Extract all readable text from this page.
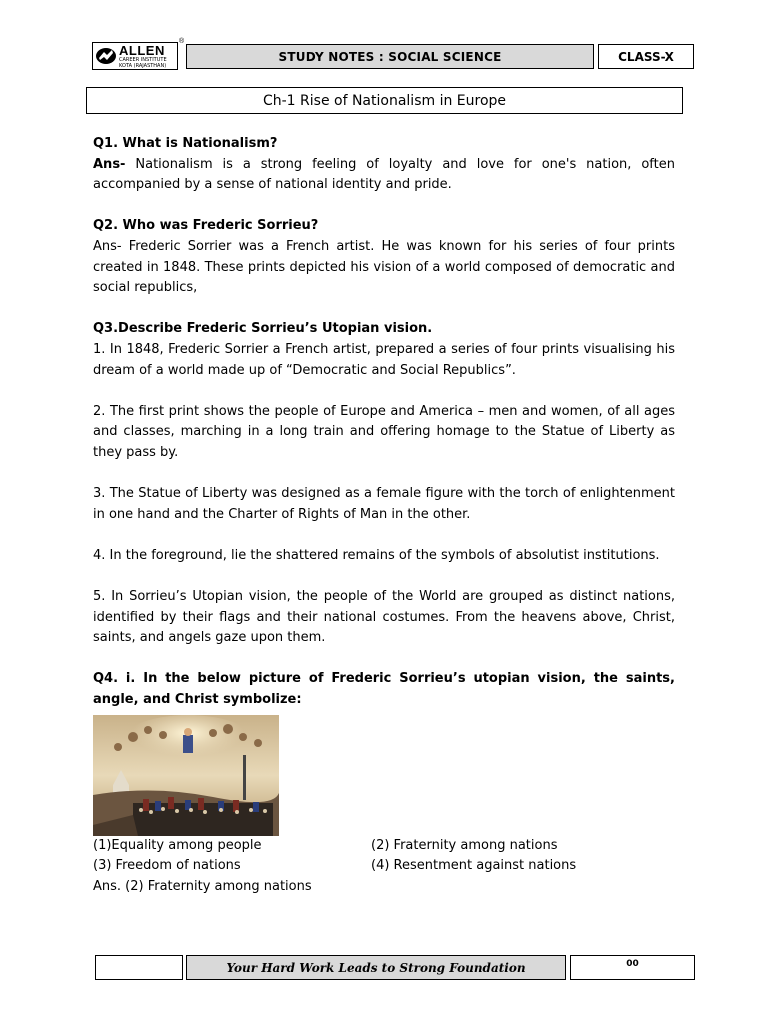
ALLEN
CAREER INSTITUTE KOTA (RAJASTHAN)
®
STUDY NOTES : SOCIAL SCIENCE	CLASS-X
Ch-1 Rise of Nationalism in Europe

Q1. What is Nationalism?

Ans- Nationalism is a strong feeling of loyalty and love for one's nation, often accompanied by a sense of national identity and pride.

Q2. Who was Frederic Sorrieu?

Ans- Frederic Sorrier was a French artist. He was known for his series of four prints created in 1848. These prints depicted his vision of a world composed of democratic and social republics,

Q3.Describe Frederic Sorrieu’s Utopian vision.

1. In 1848, Frederic Sorrier a French artist, prepared a series of four prints visualising his dream of a world made up of “Democratic and Social Republics”.

2. The first print shows the people of Europe and America – men and women, of all ages and classes, marching in a long train and offering homage to the Statue of Liberty as they pass by.

3. The Statue of Liberty was designed as a female figure with the torch of enlightenment in one hand and the Charter of Rights of Man in the other.

4. In the foreground, lie the shattered remains of the symbols of absolutist institutions.

5. In Sorrieu’s Utopian vision, the people of the World are grouped as distinct nations, identified by their flags and their national costumes. From the heavens above, Christ, saints, and angels gaze upon them.

Q4. i. In the below picture of Frederic Sorrieu’s utopian vision, the saints, angle, and Christ symbolize:

(1)Equality among people	(2) Fraternity among nations
(3) Freedom of nations	(4) Resentment against nations

Ans. (2) Fraternity among nations

Your Hard Work Leads to Strong Foundation	00
